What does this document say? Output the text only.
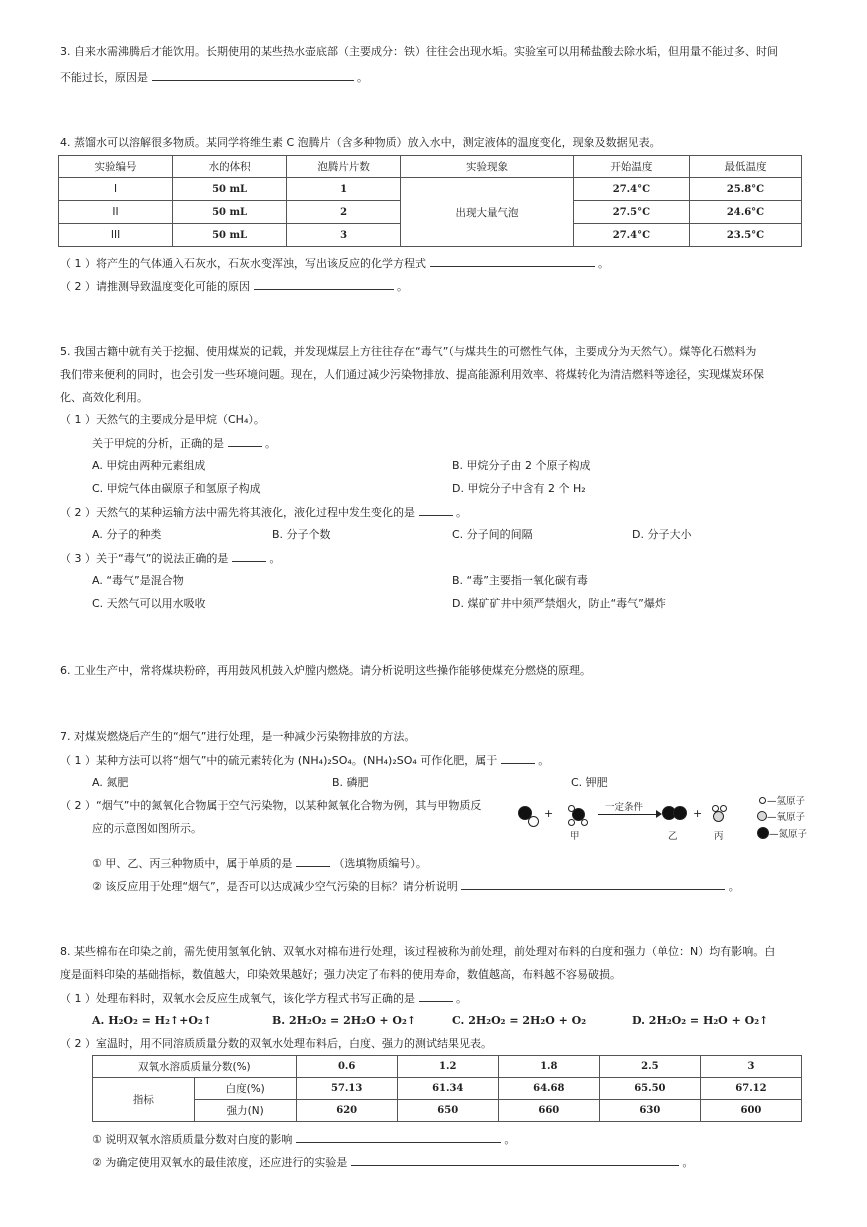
3. 自来水需沸腾后才能饮用。长期使用的某些热水壶底部（主要成分：铁）往往会出现水垢。实验室可以用稀盐酸去除水垢，但用量不能过多、时间
不能过长，原因是	。
4. 蒸馏水可以溶解很多物质。某同学将维生素 C 泡腾片（含多种物质）放入水中，测定液体的温度变化，现象及数据见表。
实验编号	水的体积	泡腾片片数	实验现象	开始温度	最低温度
I	50 mL	1	出现大量气泡	27.4°C	25.8°C
II	50 mL	2		27.5°C	24.6°C
III	50 mL	3		27.4°C	23.5°C
（ 1 ）将产生的气体通入石灰水，石灰水变浑浊，写出该反应的化学方程式	。
（ 2 ）请推测导致温度变化可能的原因	。
5. 我国古籍中就有关于挖掘、使用煤炭的记载，并发现煤层上方往往存在“毒气”（与煤共生的可燃性气体，主要成分为天然气）。煤等化石燃料为
我们带来便利的同时，也会引发一些环境问题。现在，人们通过减少污染物排放、提高能源利用效率、将煤转化为清洁燃料等途径，实现煤炭环保
化、高效化利用。
（ 1 ）天然气的主要成分是甲烷（CH₄）。
关于甲烷的分析，正确的是	。
A. 甲烷由两种元素组成	B. 甲烷分子由 2 个原子构成
C. 甲烷气体由碳原子和氢原子构成	D. 甲烷分子中含有 2 个 H₂
（ 2 ）天然气的某种运输方法中需先将其液化，液化过程中发生变化的是	。
A. 分子的种类	B. 分子个数	C. 分子间的间隔	D. 分子大小
（ 3 ）关于“毒气”的说法正确的是	。
A. “毒气”是混合物	B. “毒”主要指一氧化碳有毒
C. 天然气可以用水吸收	D. 煤矿矿井中须严禁烟火，防止“毒气”爆炸
6. 工业生产中，常将煤块粉碎，再用鼓风机鼓入炉膛内燃烧。请分析说明这些操作能够使煤充分燃烧的原理。
7. 对煤炭燃烧后产生的“烟气”进行处理，是一种减少污染物排放的方法。
（ 1 ）某种方法可以将“烟气”中的硫元素转化为 (NH₄)₂SO₄。(NH₄)₂SO₄ 可作化肥，属于	。
A. 氮肥	B. 磷肥	C. 钾肥
（ 2 ）“烟气”中的氮氧化合物属于空气污染物，以某种氮氧化合物为例，其与甲物质反
应的示意图如图所示。
+
甲
一定条件
乙
+
丙
—氢原子
—氧原子
—氮原子
① 甲、乙、丙三种物质中，属于单质的是	（选填物质编号）。
② 该反应用于处理“烟气”，是否可以达成减少空气污染的目标？请分析说明	。
8. 某些棉布在印染之前，需先使用氢氧化钠、双氧水对棉布进行处理，该过程被称为前处理，前处理对布料的白度和强力（单位：N）均有影响。白
度是面料印染的基础指标，数值越大，印染效果越好；强力决定了布料的使用寿命，数值越高，布料越不容易破损。
（ 1 ）处理布料时，双氧水会反应生成氧气，该化学方程式书写正确的是	。
A. H₂O₂ = H₂↑+O₂↑	B. 2H₂O₂ = 2H₂O + O₂↑	C. 2H₂O₂ = 2H₂O + O₂	D. 2H₂O₂ = H₂O + O₂↑
（ 2 ）室温时，用不同溶质质量分数的双氧水处理布料后，白度、强力的测试结果见表。
双氧水溶质质量分数(%)		0.6	1.2	1.8	2.5	3
指标	白度(%)	57.13	61.34	64.68	65.50	67.12
	强力(N)	620	650	660	630	600
① 说明双氧水溶质质量分数对白度的影响	。
② 为确定使用双氧水的最佳浓度，还应进行的实验是	。
